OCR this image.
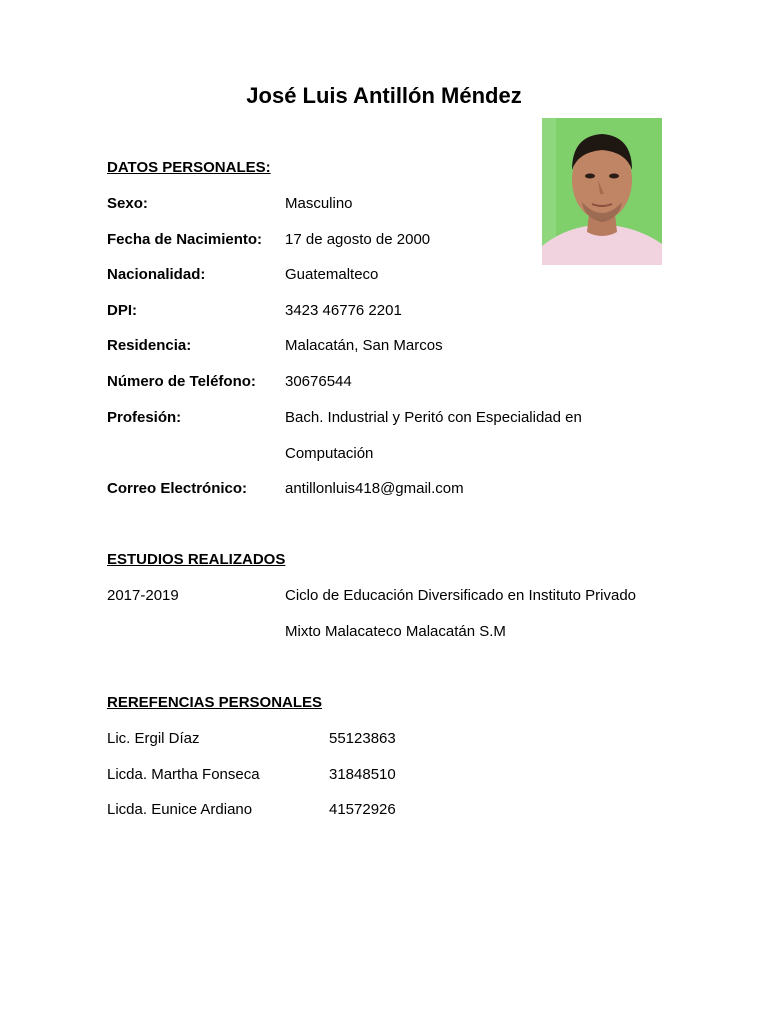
José Luis Antillón Méndez
DATOS PERSONALES:
Sexo:	Masculino
Fecha de Nacimiento: 17 de agosto de 2000
Nacionalidad:	Guatemalteco
DPI:	3423 46776 2201
Residencia:	Malacatán, San Marcos
Número de Teléfono: 30676544
Profesión:	Bach. Industrial y Peritó con Especialidad en
Computación
Correo Electrónico:	antillonluis418@gmail.com
ESTUDIOS REALIZADOS
2017-2019	Ciclo de Educación Diversificado en Instituto Privado
Mixto Malacateco Malacatán S.M
REREFENCIAS PERSONALES
Lic. Ergil Díaz	55123863
Licda. Martha Fonseca	31848510
Licda. Eunice Ardiano	41572926
